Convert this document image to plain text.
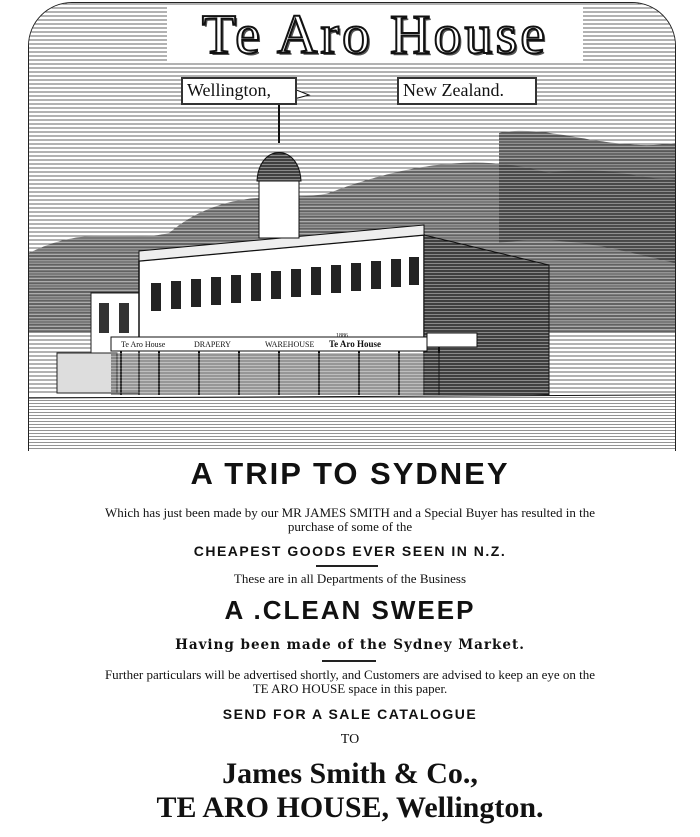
Te Aro House	DRAPERY	WAREHOUSE Te Aro House
1886
Te Aro House
Wellington,	New Zealand.
A TRIP TO SYDNEY
Which has just been made by our MR JAMES SMITH and a Special Buyer has resulted in the
purchase of some of the
CHEAPEST GOODS EVER SEEN IN N.Z.
These are in all Departments of the Business
A .CLEAN SWEEP
Having been made of the Sydney Market.
Further particulars will be advertised shortly, and Customers are advised to keep an eye on the
TE ARO HOUSE space in this paper.
SEND FOR A SALE CATALOGUE
TO
James Smith & Co.,
TE ARO HOUSE, Wellington.
